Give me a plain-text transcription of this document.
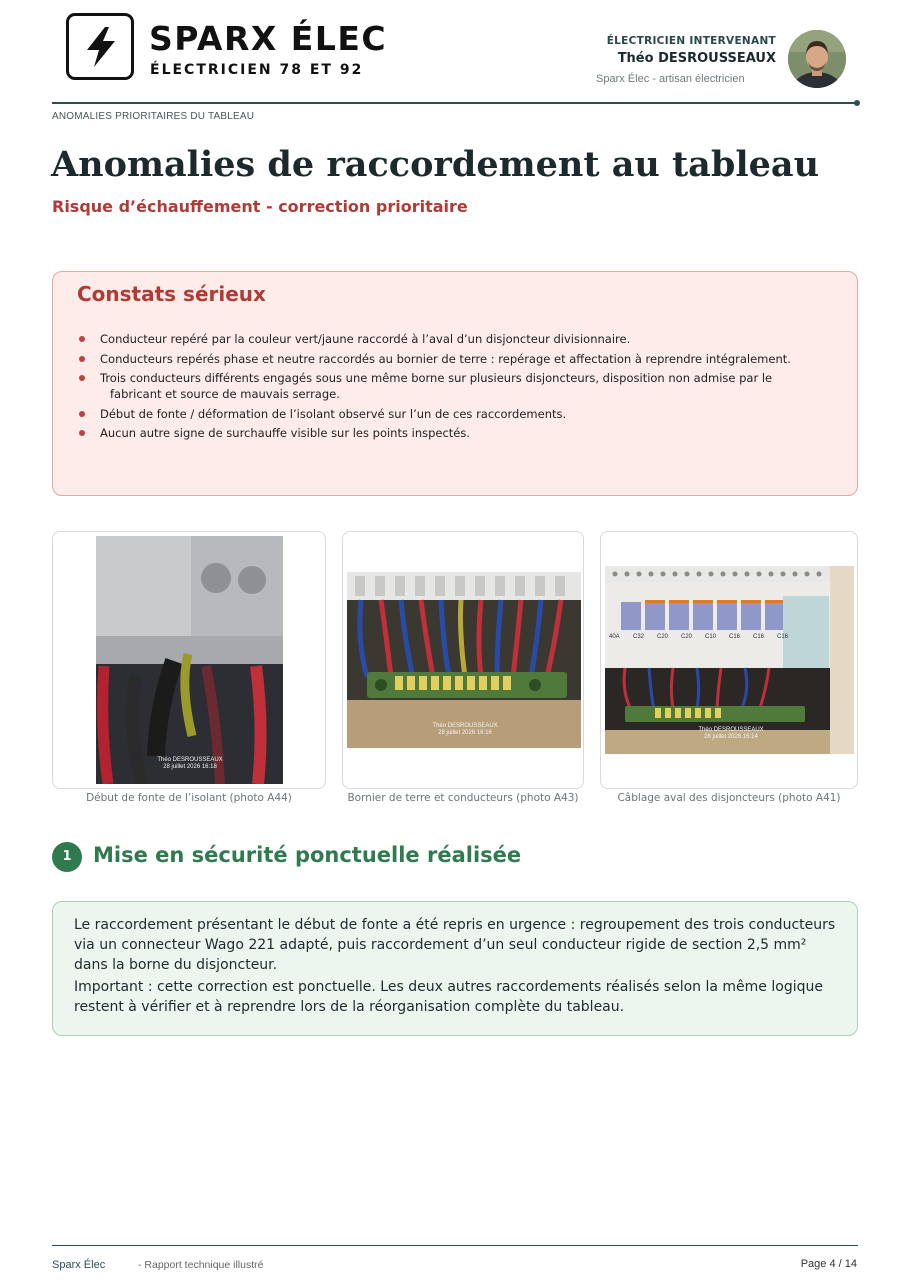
SPARX ÉLEC
ÉLECTRICIEN 78 ET 92
ÉLECTRICIEN INTERVENANT
Théo DESROUSSEAUX
Sparx Élec - artisan électricien
ANOMALIES PRIORITAIRES DU TABLEAU
Anomalies de raccordement au tableau
Risque d’échauffement - correction prioritaire
Constats sérieux
Conducteur repéré par la couleur vert/jaune raccordé à l’aval d’un disjoncteur divisionnaire.
Conducteurs repérés phase et neutre raccordés au bornier de terre : repérage et affectation à reprendre intégralement.
Trois conducteurs différents engagés sous une même borne sur plusieurs disjoncteurs, disposition non admise par le
fabricant et source de mauvais serrage.
Début de fonte / déformation de l’isolant observé sur l’un de ces raccordements.
Aucun autre signe de surchauffe visible sur les points inspectés.
Théo DESROUSSEAUX
28 juillet 2026 16:18
Début de fonte de l’isolant (photo A44)
Théo DESROUSSEAUX
28 juillet 2026 16:16
Bornier de terre et conducteurs (photo A43)
40A C32 C20 C20 C10 C16 C16 C16
Théo DESROUSSEAUX
28 juillet 2026 16:14
Câblage aval des disjoncteurs (photo A41)
1	Mise en sécurité ponctuelle réalisée

Le raccordement présentant le début de fonte a été repris en urgence : regroupement des trois conducteurs via un connecteur Wago 221 adapté, puis raccordement d’un seul conducteur rigide de section 2,5 mm² dans la borne du disjoncteur.

Important : cette correction est ponctuelle. Les deux autres raccordements réalisés selon la même logique restent à vérifier et à reprendre lors de la réorganisation complète du tableau.

Sparx Élec	- Rapport technique illustré	Page 4 / 14
